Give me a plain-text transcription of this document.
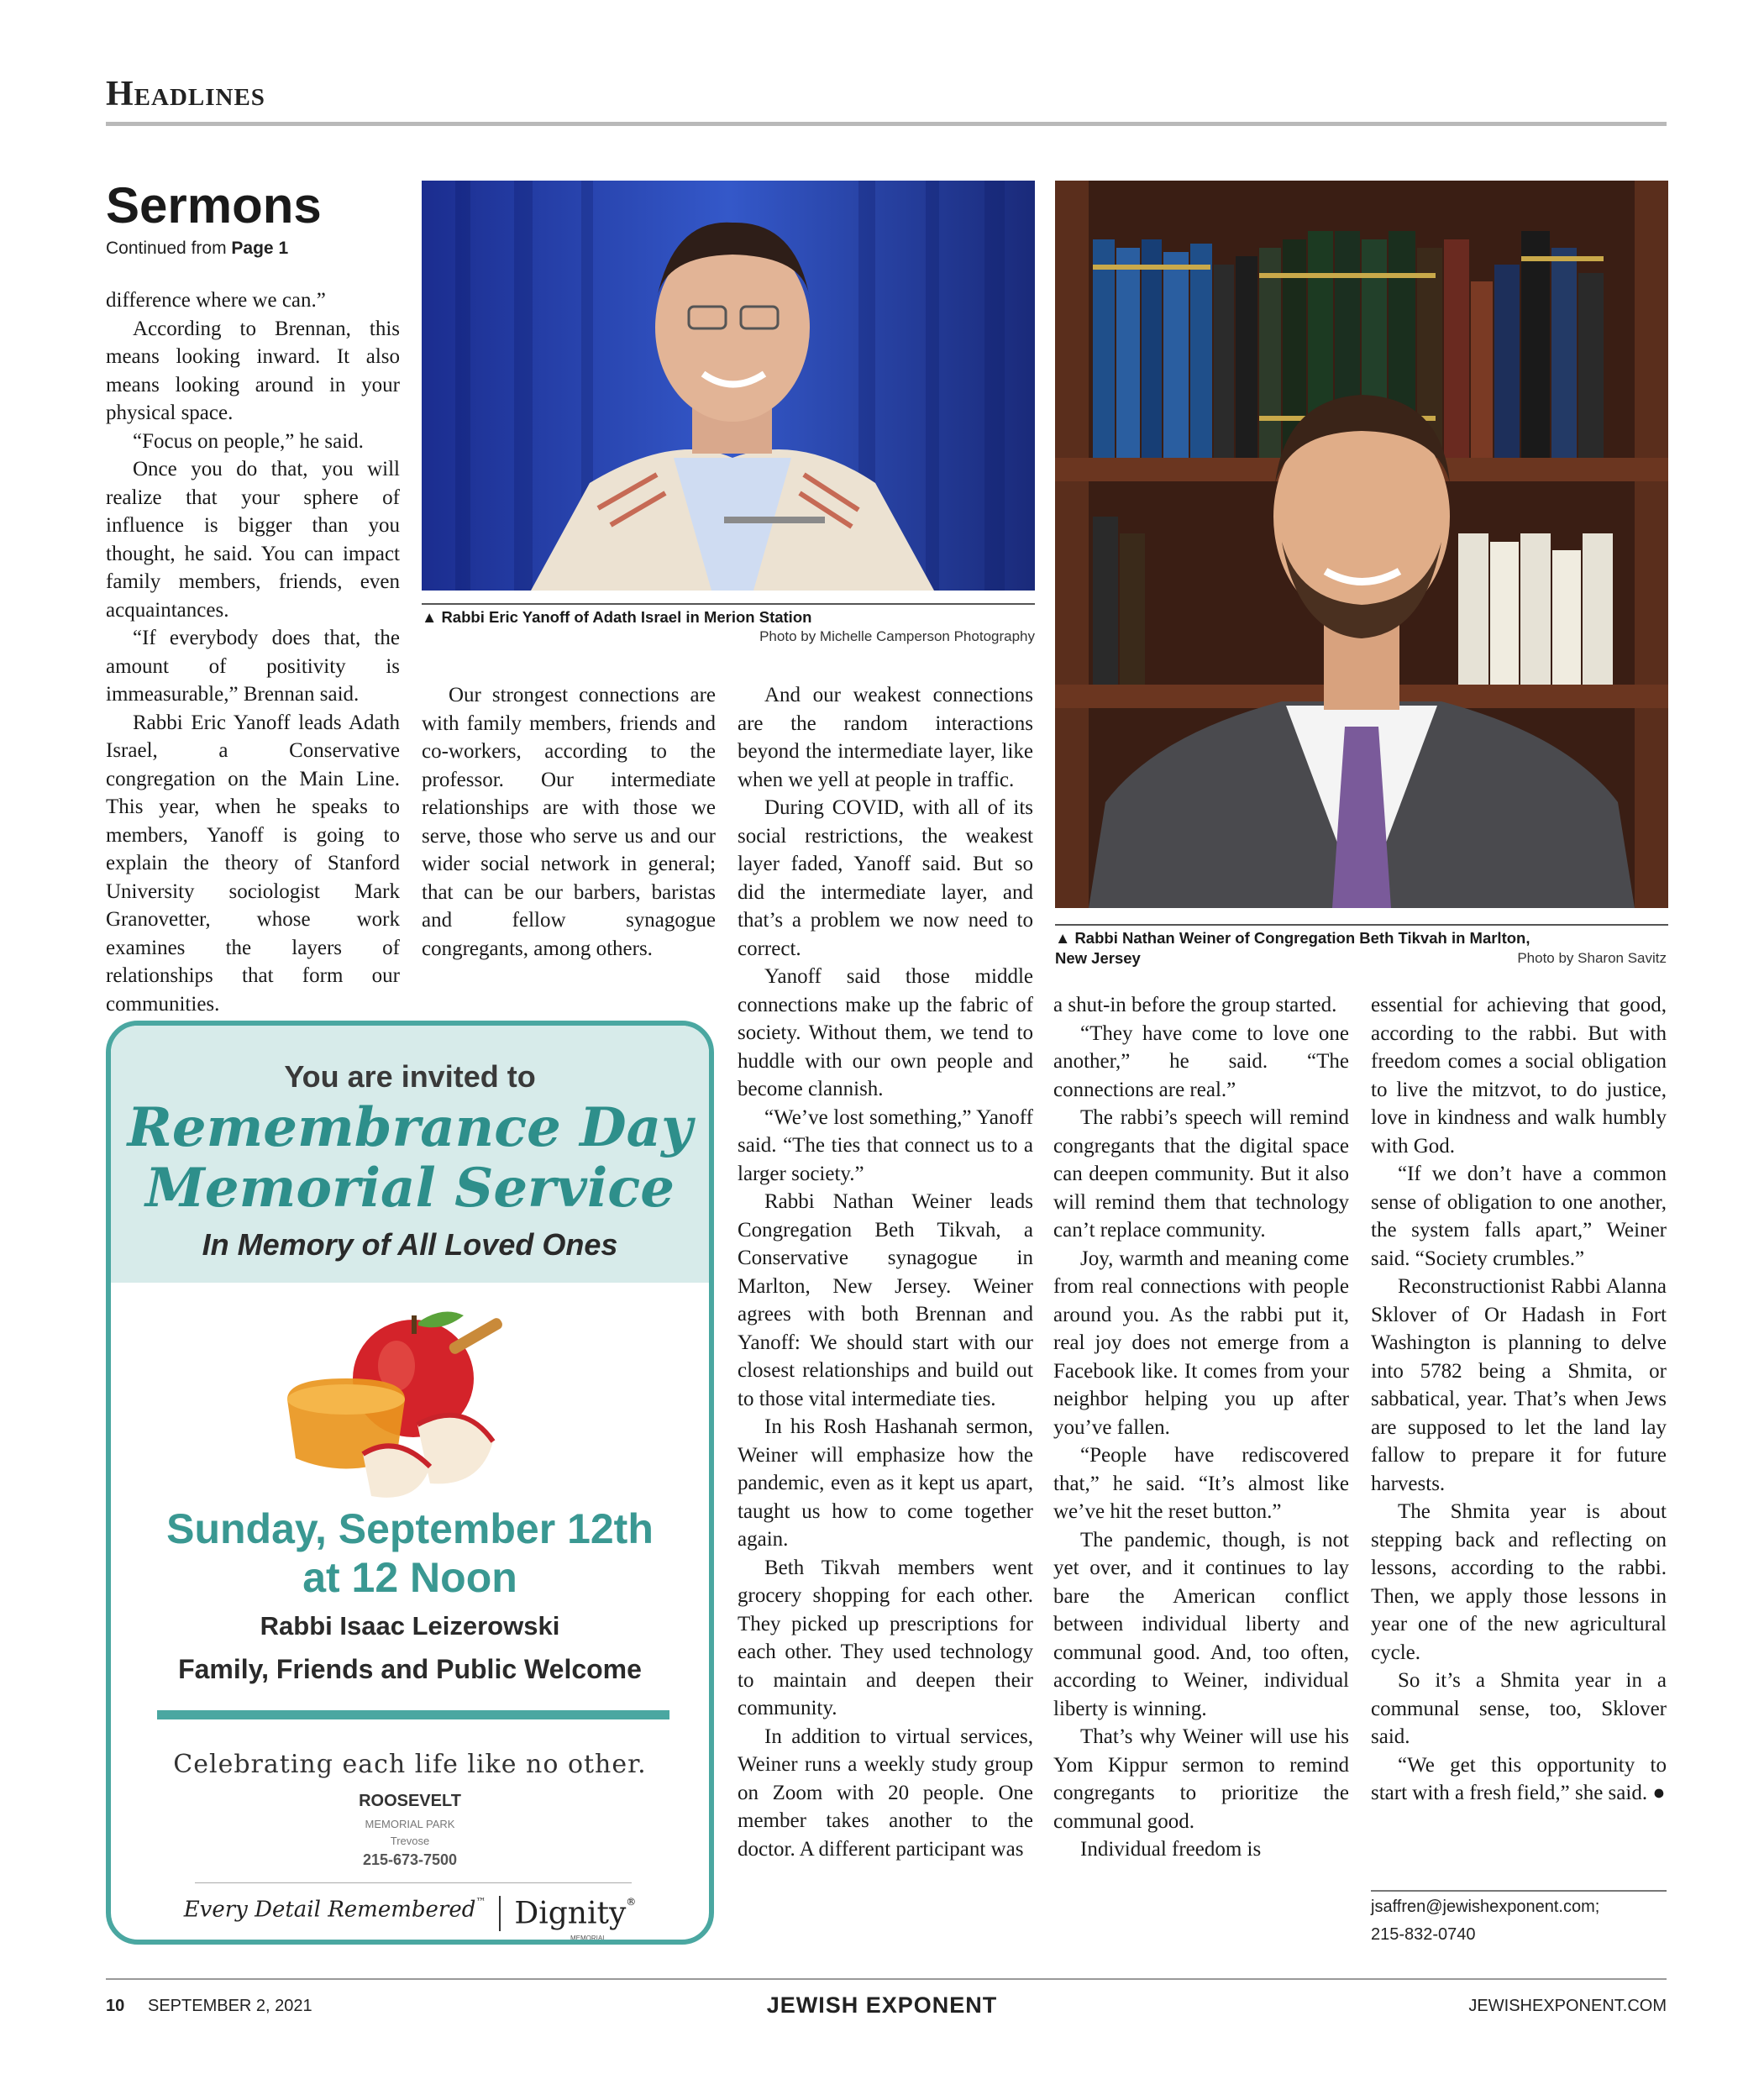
Headlines
Sermons
Continued from Page 1

difference where we can.”

According to Brennan, this means looking inward. It also means looking around in your physical space.

“Focus on people,” he said.

Once you do that, you will realize that your sphere of influence is bigger than you thought, he said. You can impact family members, friends, even acquaintances.

“If everybody does that, the amount of positivity is immeasurable,” Brennan said.

Rabbi Eric Yanoff leads Adath Israel, a Conservative congregation on the Main Line. This year, when he speaks to members, Yanoff is going to explain the theory of Stanford University sociologist Mark Granovetter, whose work examines the layers of relationships that form our communities.

Our strongest connections are with family members, friends and co-workers, according to the professor. Our intermediate relationships are with those we serve, those who serve us and our wider social network in general; that can be our barbers, baristas and fellow synagogue congregants, among others.

And our weakest connections are the random interactions beyond the intermediate layer, like when we yell at people in traffic.

During COVID, with all of its social restrictions, the weakest layer faded, Yanoff said. But so did the intermediate layer, and that’s a problem we now need to correct.

Yanoff said those middle connections make up the fabric of society. Without them, we tend to huddle with our own people and become clannish.

“We’ve lost something,” Yanoff said. “The ties that connect us to a larger society.”

Rabbi Nathan Weiner leads Congregation Beth Tikvah, a Conservative synagogue in Marlton, New Jersey. Weiner agrees with both Brennan and Yanoff: We should start with our closest relationships and build out to those vital intermediate ties.

In his Rosh Hashanah sermon, Weiner will emphasize how the pandemic, even as it kept us apart, taught us how to come together again.

Beth Tikvah members went grocery shopping for each other. They picked up prescriptions for each other. They used technology to maintain and deepen their community.

In addition to virtual services, Weiner runs a weekly study group on Zoom with 20 people. One member takes another to the doctor. A different participant was

a shut-in before the group started.

“They have come to love one another,” he said. “The connections are real.”

The rabbi’s speech will remind congregants that the digital space can deepen community. But it also will remind them that technology can’t replace community.

Joy, warmth and meaning come from real connections with people around you. As the rabbi put it, real joy does not emerge from a Facebook like. It comes from your neighbor helping you up after you’ve fallen.

“People have rediscovered that,” he said. “It’s almost like we’ve hit the reset button.”

The pandemic, though, is not yet over, and it continues to lay bare the American conflict between individual liberty and communal good. And, too often, according to Weiner, individual liberty is winning.

That’s why Weiner will use his Yom Kippur sermon to remind congregants to prioritize the communal good.

Individual freedom is

essential for achieving that good, according to the rabbi. But with freedom comes a social obligation to live the mitzvot, to do justice, love in kindness and walk humbly with God.

“If we don’t have a common sense of obligation to one another, the system falls apart,” Weiner said. “Society crumbles.”

Reconstructionist Rabbi Alanna Sklover of Or Hadash in Fort Washington is planning to delve into 5782 being a Shmita, or sabbatical, year. That’s when Jews are supposed to let the land lay fallow to prepare it for future harvests.

The Shmita year is about stepping back and reflecting on lessons, according to the rabbi. Then, we apply those lessons in year one of the new agricultural cycle.

So it’s a Shmita year in a communal sense, too, Sklover said.

“We get this opportunity to start with a fresh field,” she said. ●

▲ Rabbi Eric Yanoff of Adath Israel in Merion Station
Photo by Michelle Camperson Photography
▲ Rabbi Nathan Weiner of Congregation Beth Tikvah in Marlton,
New Jersey	Photo by Sharon Savitz
You are invited to
Remembrance Day
Memorial Service
In Memory of All Loved Ones
Sunday, September 12th
at 12 Noon
Rabbi Isaac Leizerowski
Family, Friends and Public Welcome
Celebrating each life like no other.
ROOSEVELT
MEMORIAL PARK
Trevose
215-673-7500
Every Detail Remembered™ Dignity®
MEMORIAL
jsaffren@jewishexponent.com;
215-832-0740
10 SEPTEMBER 2, 2021	JEWISH EXPONENT	JEWISHEXPONENT.COM
